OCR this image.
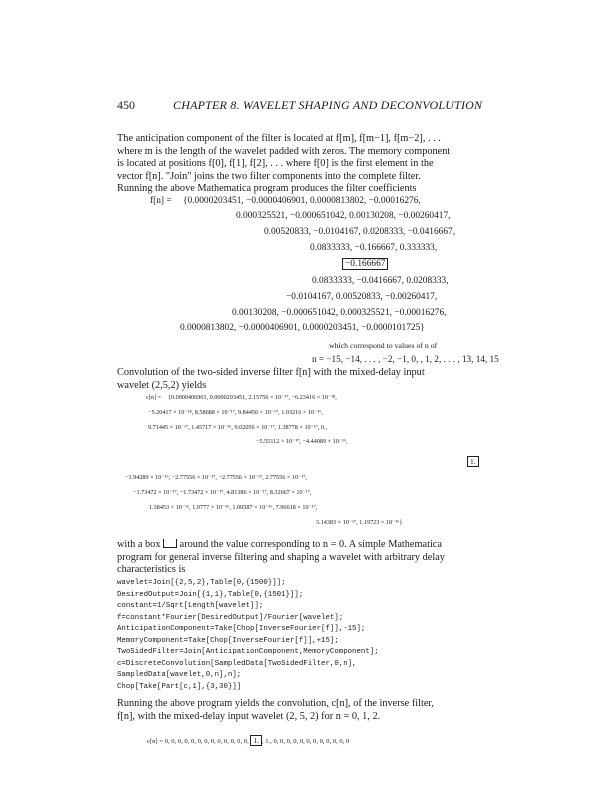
450	CHAPTER 8. WAVELET SHAPING AND DECONVOLUTION
The anticipation component of the filter is located at f[m], f[m−1], f[m−2], . . .
where m is the length of the wavelet padded with zeros. The memory component
is located at positions f[0], f[1], f[2], . . . where f[0] is the first element in the
vector f[n]. "Join" joins the two filter components into the complete filter.
Running the above Mathematica program produces the filter coefficients
f[n] = {0.0000203451, −0.0000406901, 0.0000813802, −0.00016276,
0.000325521, −0.000651042, 0.00130208, −0.00260417,
0.00520833, −0.0104167, 0.0208333, −0.0416667,
0.0833333, −0.166667, 0.333333,
−0.166667
0.0833333, −0.0416667, 0.0208333,
−0.0104167, 0.00520833, −0.00260417,
0.00130208, −0.000651042, 0.000325521, −0.00016276,
0.0000813802, −0.0000406901, 0.0000203451, −0.0000101725}
which correspond to values of n of
n = −15, −14, . . . , −2, −1, 0, , 1, 2, . . . , 13, 14, 15
Convolution of the two-sided inverse filter f[n] with the mixed-delay input
wavelet (2,5,2) yields
c[n] = {0.0000406901, 0.0000203451, 2.15756 × 10⁻¹⁷, −6.23416 × 10⁻¹⁸,
−5.20417 × 10⁻¹⁸, 8.58688 × 10⁻¹⁷, 9.84456 × 10⁻¹⁷, 1.03216 × 10⁻¹⁶,
9.71445 × 10⁻¹⁷, 1.45717 × 10⁻¹⁶, 9.02056 × 10⁻¹⁷, 1.38778 × 10⁻¹⁷, 0.,
−5.55112 × 10⁻¹⁷, −4.44089 × 10⁻¹⁶,
1.
−1.94289 × 10⁻¹⁶, −2.77556 × 10⁻¹⁷, −2.77556 × 10⁻¹⁷, 2.77556 × 10⁻¹⁷,
−1.73472 × 10⁻¹⁷, −1.73472 × 10⁻¹⁷, 4.81386 × 10⁻¹⁷, 8.32667 × 10⁻¹⁷,
1.38453 × 10⁻¹⁶, 1.0777 × 10⁻¹⁶, 1.00587 × 10⁻¹⁶, 7.96618 × 10⁻¹⁷,
3.14383 × 10⁻¹⁷, 1.19723 × 10⁻¹⁶}
with a box around the value corresponding to n = 0. A simple Mathematica
program for general inverse filtering and shaping a wavelet with arbitrary delay
characteristics is
wavelet=Join[{2,5,2},Table[0,{1500}]];
DesiredOutput=Join[{1,1},Table[0,{1501}]];
constant=1/Sqrt[Length[wavelet]];
f=constant*Fourier[DesiredOutput]/Fourier[wavelet];
AnticipationComponent=Take[Chop[InverseFourier[f]],-15];
MemoryComponent=Take[Chop[InverseFourier[f]],+15];
TwoSidedFilter=Join[AnticipationComponent,MemoryComponent];
c=DiscreteConvolution[SampledData[TwoSidedFilter,0,n],
SampledData[wavelet,0,n],n];
Chop[Take[Part[c,1],{3,30}]]
Running the above program yields the convolution, c[n], of the inverse filter,
f[n], with the mixed-delay input wavelet (2, 5, 2) for n = 0, 1, 2.
c[n] = 0, 0, 0, 0, 0, 0, 0, 0, 0, 0, 0, 0, 0, 1. , 1., 0, 0, 0, 0, 0, 0, 0, 0, 0, 0, 0, 0
